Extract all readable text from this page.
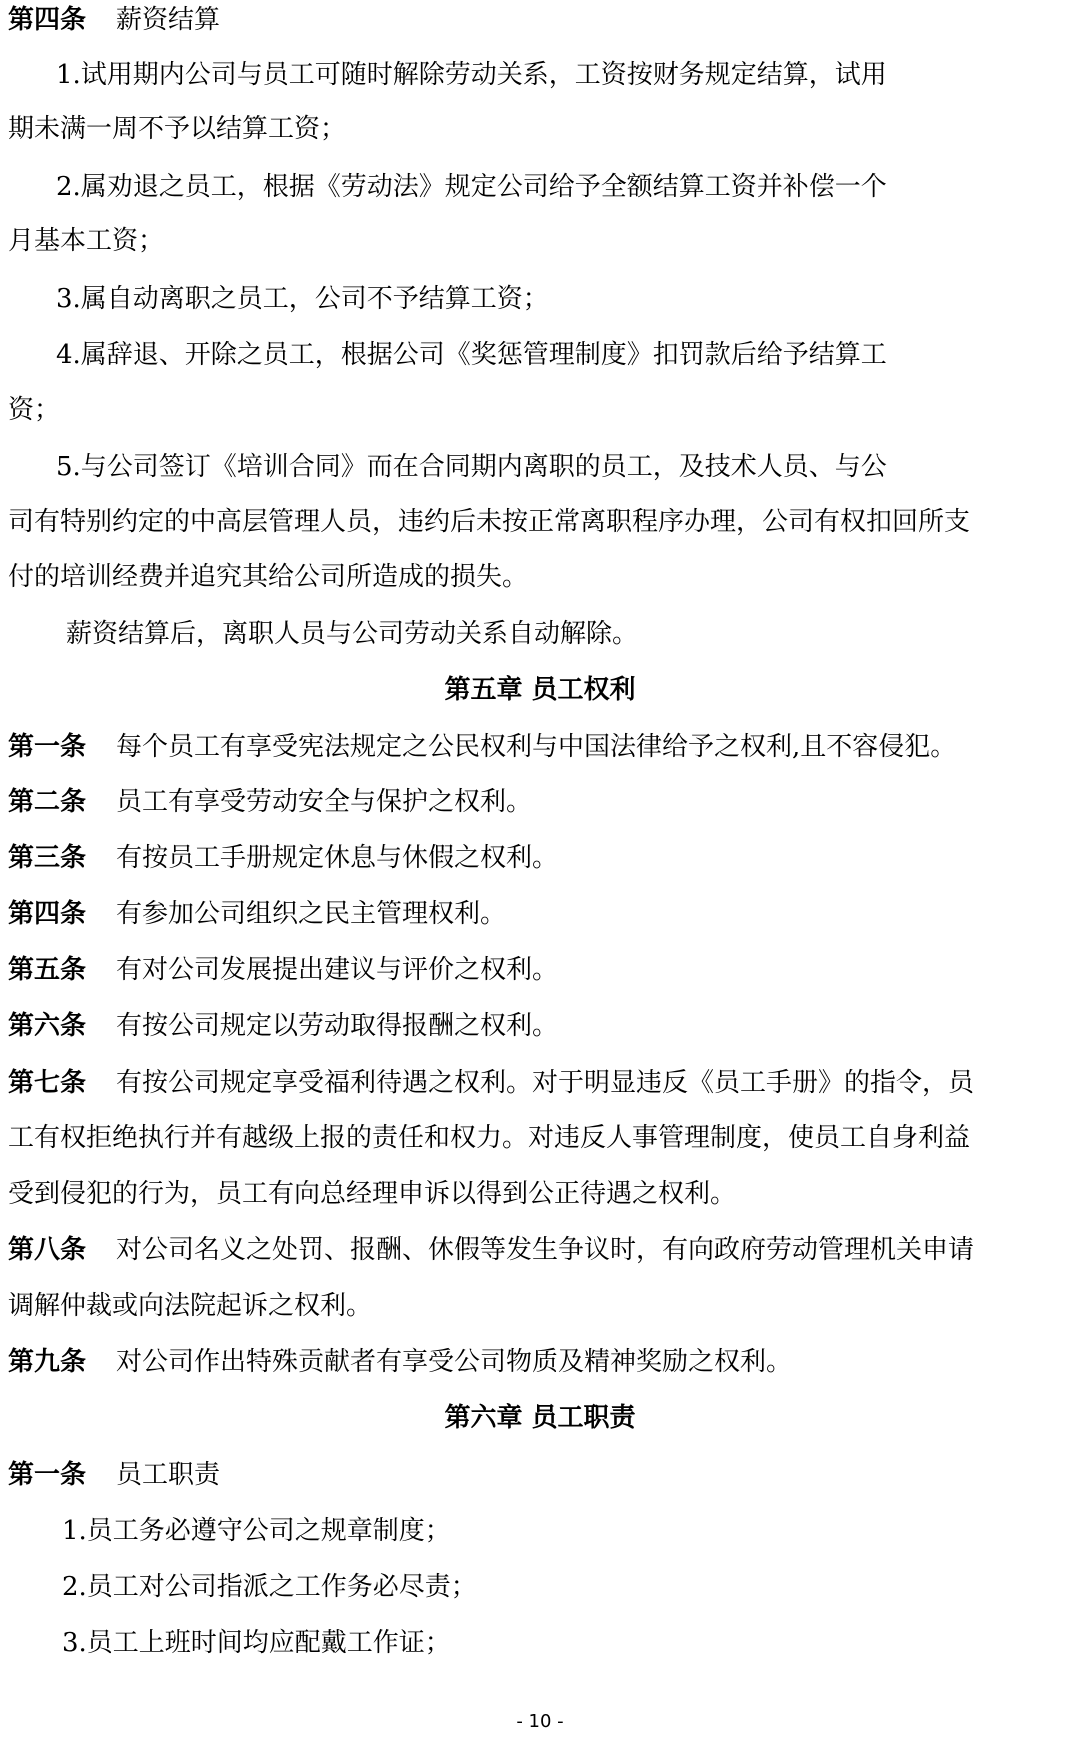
第四条 薪资结算
1.试用期内公司与员工可随时解除劳动关系，工资按财务规定结算，试用
期未满一周不予以结算工资；
2.属劝退之员工，根据《劳动法》规定公司给予全额结算工资并补偿一个
月基本工资；
3.属自动离职之员工，公司不予结算工资；
4.属辞退、开除之员工，根据公司《奖惩管理制度》扣罚款后给予结算工
资；
5.与公司签订《培训合同》而在合同期内离职的员工，及技术人员、与公
司有特别约定的中高层管理人员，违约后未按正常离职程序办理，公司有权扣回所支
付的培训经费并追究其给公司所造成的损失。
薪资结算后，离职人员与公司劳动关系自动解除。
第五章 员工权利
第一条 每个员工有享受宪法规定之公民权利与中国法律给予之权利,且不容侵犯。
第二条 员工有享受劳动安全与保护之权利。
第三条 有按员工手册规定休息与休假之权利。
第四条 有参加公司组织之民主管理权利。
第五条 有对公司发展提出建议与评价之权利。
第六条 有按公司规定以劳动取得报酬之权利。
第七条 有按公司规定享受福利待遇之权利。对于明显违反《员工手册》的指令，员
工有权拒绝执行并有越级上报的责任和权力。对违反人事管理制度，使员工自身利益
受到侵犯的行为，员工有向总经理申诉以得到公正待遇之权利。
第八条 对公司名义之处罚、报酬、休假等发生争议时，有向政府劳动管理机关申请
调解仲裁或向法院起诉之权利。
第九条 对公司作出特殊贡献者有享受公司物质及精神奖励之权利。
第六章 员工职责
第一条 员工职责
1.员工务必遵守公司之规章制度；
2.员工对公司指派之工作务必尽责；
3.员工上班时间均应配戴工作证；
- 10 -
